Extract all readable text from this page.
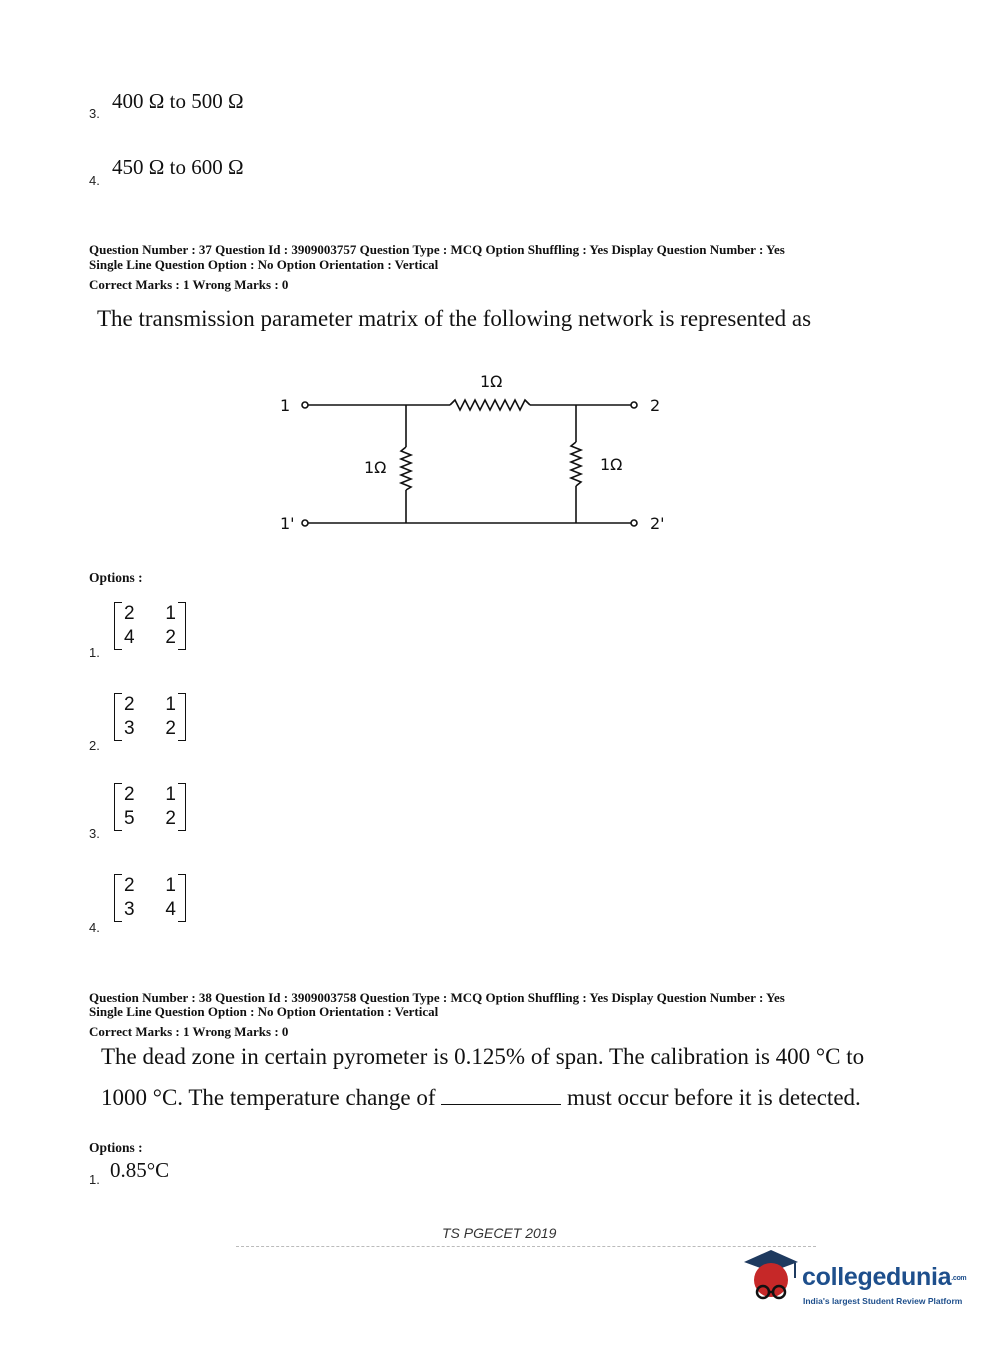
400 Ω to 500 Ω
3.
450 Ω to 600 Ω
4.
Question Number : 37 Question Id : 3909003757 Question Type : MCQ Option Shuffling : Yes Display Question Number : Yes
Single Line Question Option : No Option Orientation : Vertical
Correct Marks : 1 Wrong Marks : 0
The transmission parameter matrix of the following network is represented as
1
1'
2
2'
1Ω
1Ω	1Ω
Options :
2	1
4	2
1.
2	1
3	2
2.
2	1
5	2
3.
2	1
3	4
4.
Question Number : 38 Question Id : 3909003758 Question Type : MCQ Option Shuffling : Yes Display Question Number : Yes
Single Line Question Option : No Option Orientation : Vertical
Correct Marks : 1 Wrong Marks : 0
The dead zone in certain pyrometer is 0.125% of span. The calibration is 400 °C to
1000 °C. The temperature change of	must occur before it is detected.
Options :
0.85°C
1.
TS PGECET 2019
collegedunia.com
India's largest Student Review Platform
